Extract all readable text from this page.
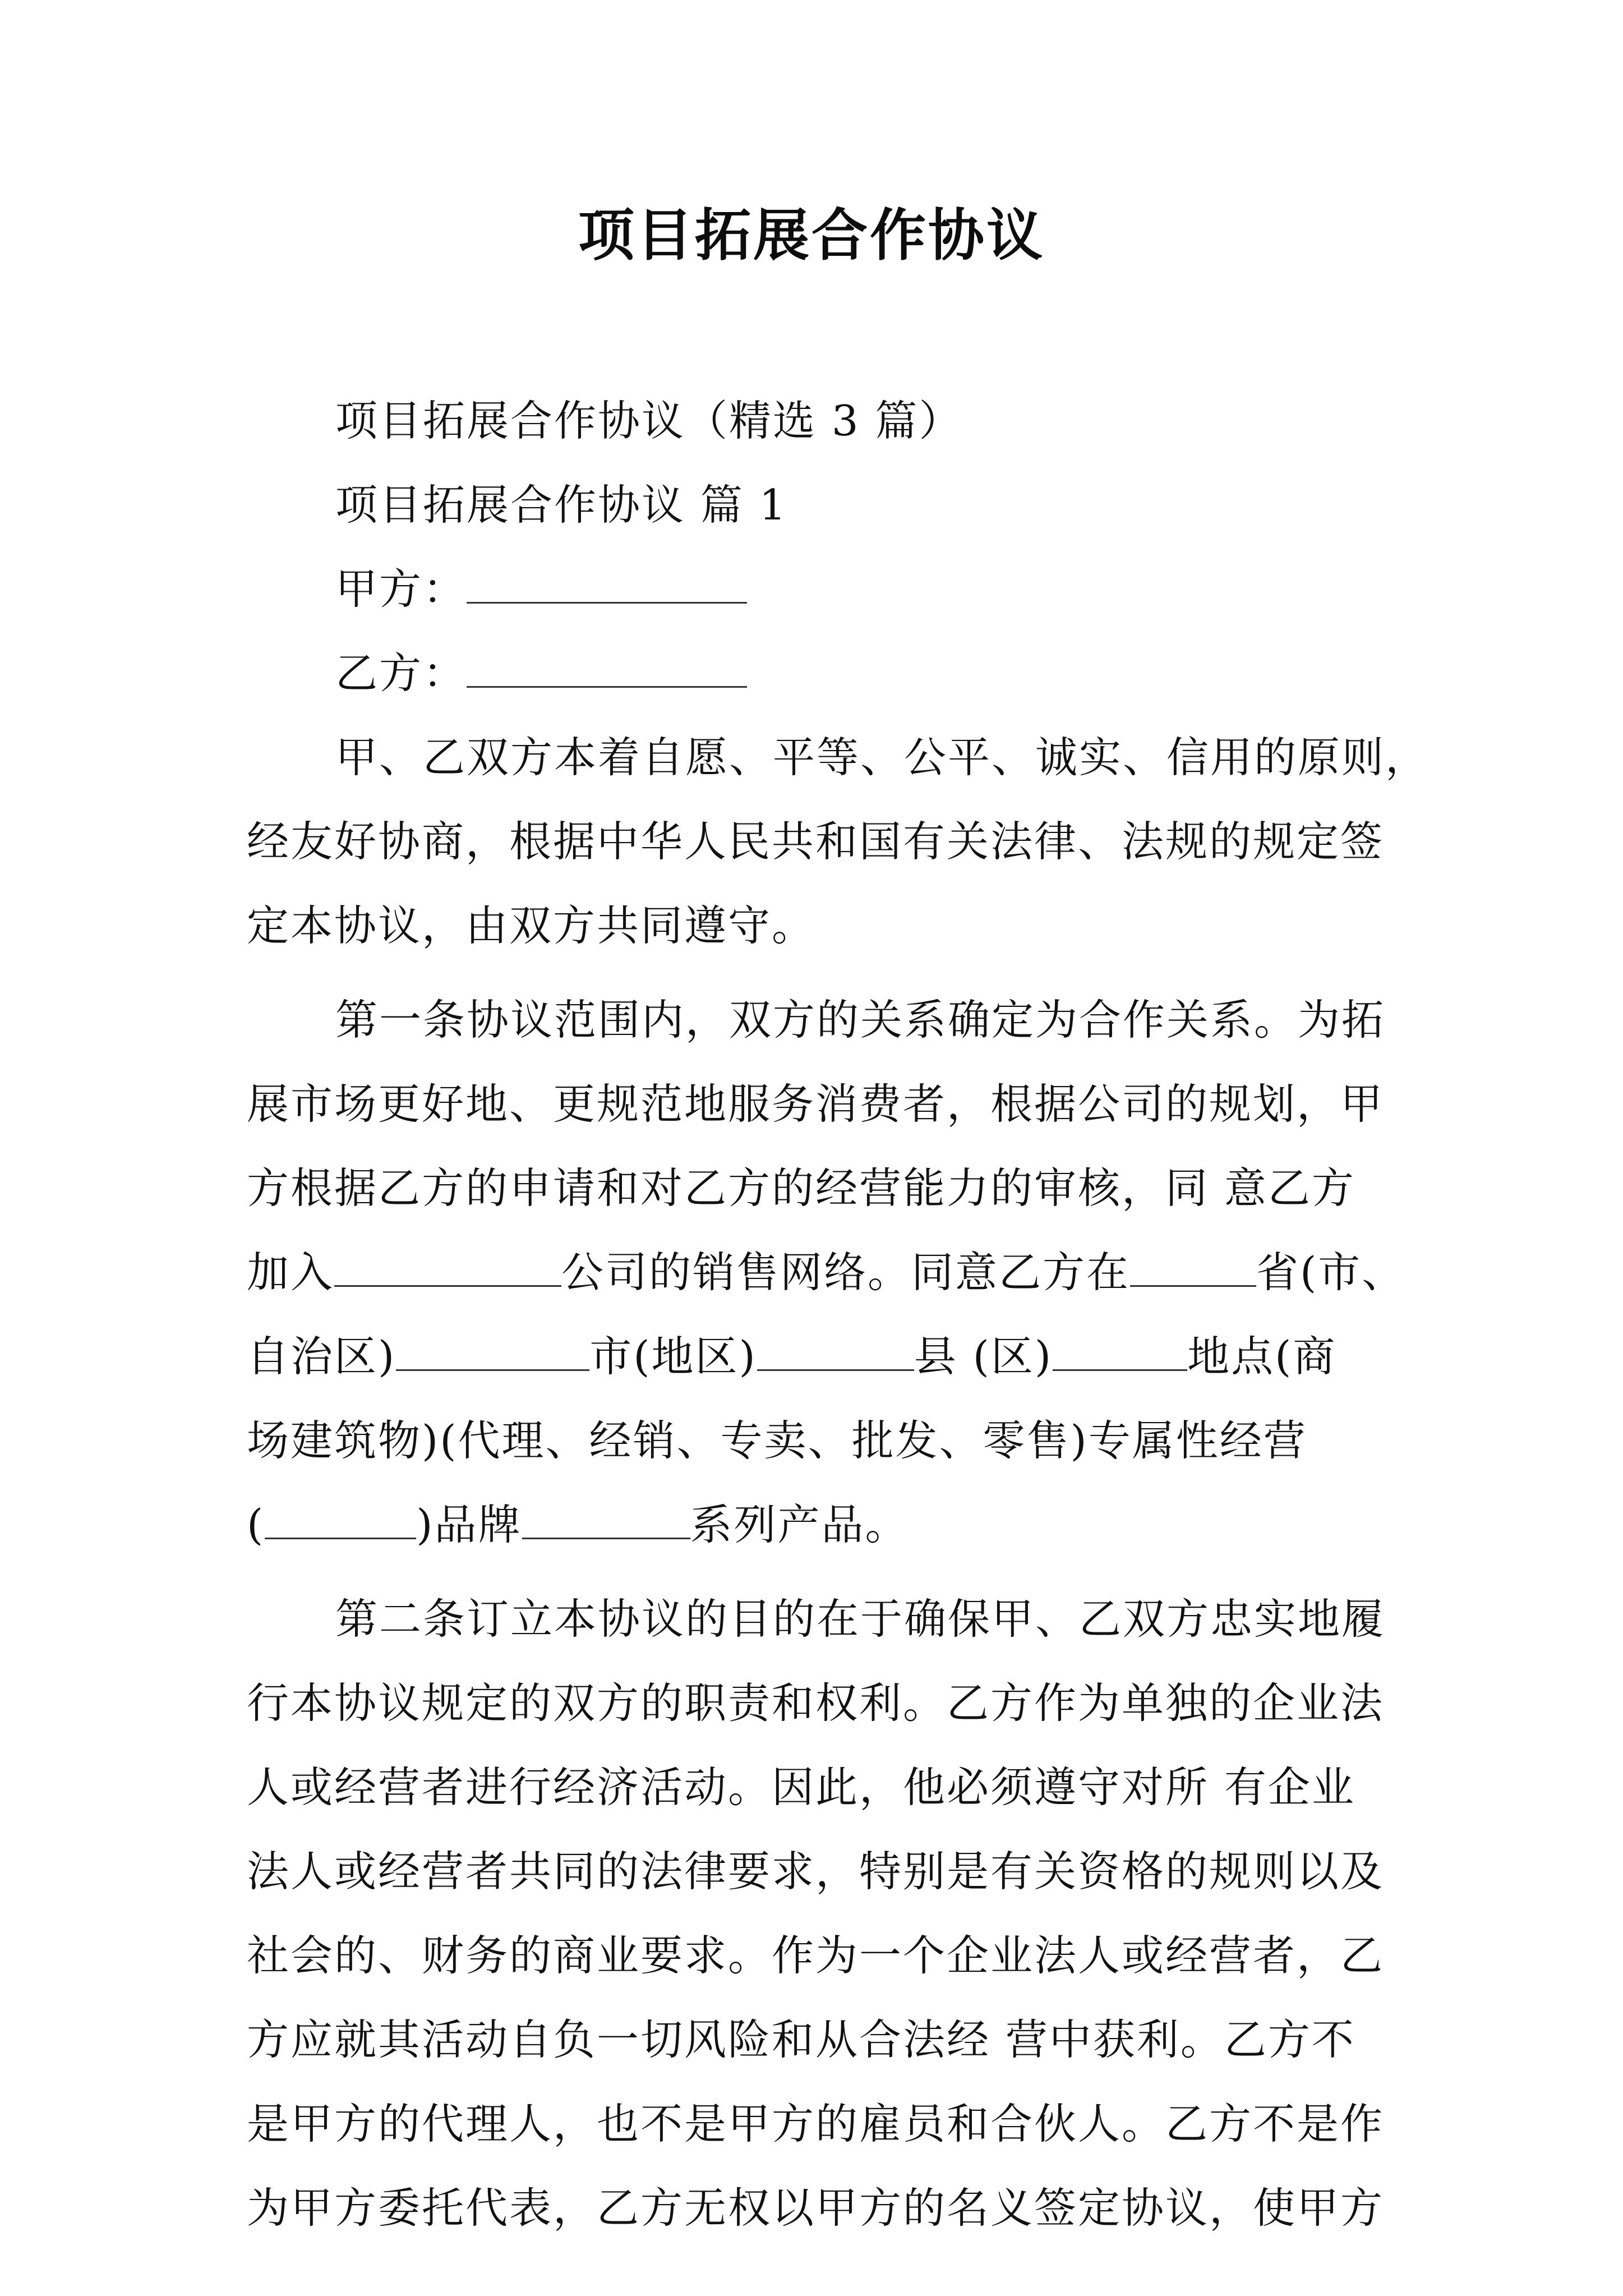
项目拓展合作协议
项目拓展合作协议（精选 3 篇）
项目拓展合作协议 篇 1
甲方：
乙方：
甲、乙双方本着自愿、平等、公平、诚实、信用的原则，
经友好协商，根据中华人民共和国有关法律、法规的规定签
定本协议，由双方共同遵守。
第一条协议范围内，双方的关系确定为合作关系。为拓
展市场更好地、更规范地服务消费者，根据公司的规划，甲
方根据乙方的申请和对乙方的经营能力的审核，同 意乙方
加入	公司的销售网络。同意乙方在	省(市、
自治区)	市(地区)	县 (区)	地点(商
场建筑物)(代理、经销、专卖、批发、零售)专属性经营
(	)品牌	系列产品。
第二条订立本协议的目的在于确保甲、乙双方忠实地履
行本协议规定的双方的职责和权利。乙方作为单独的企业法
人或经营者进行经济活动。因此，他必须遵守对所 有企业
法人或经营者共同的法律要求，特别是有关资格的规则以及
社会的、财务的商业要求。作为一个企业法人或经营者，乙
方应就其活动自负一切风险和从合法经 营中获利。乙方不
是甲方的代理人，也不是甲方的雇员和合伙人。乙方不是作
为甲方委托代表，乙方无权以甲方的名义签定协议，使甲方
